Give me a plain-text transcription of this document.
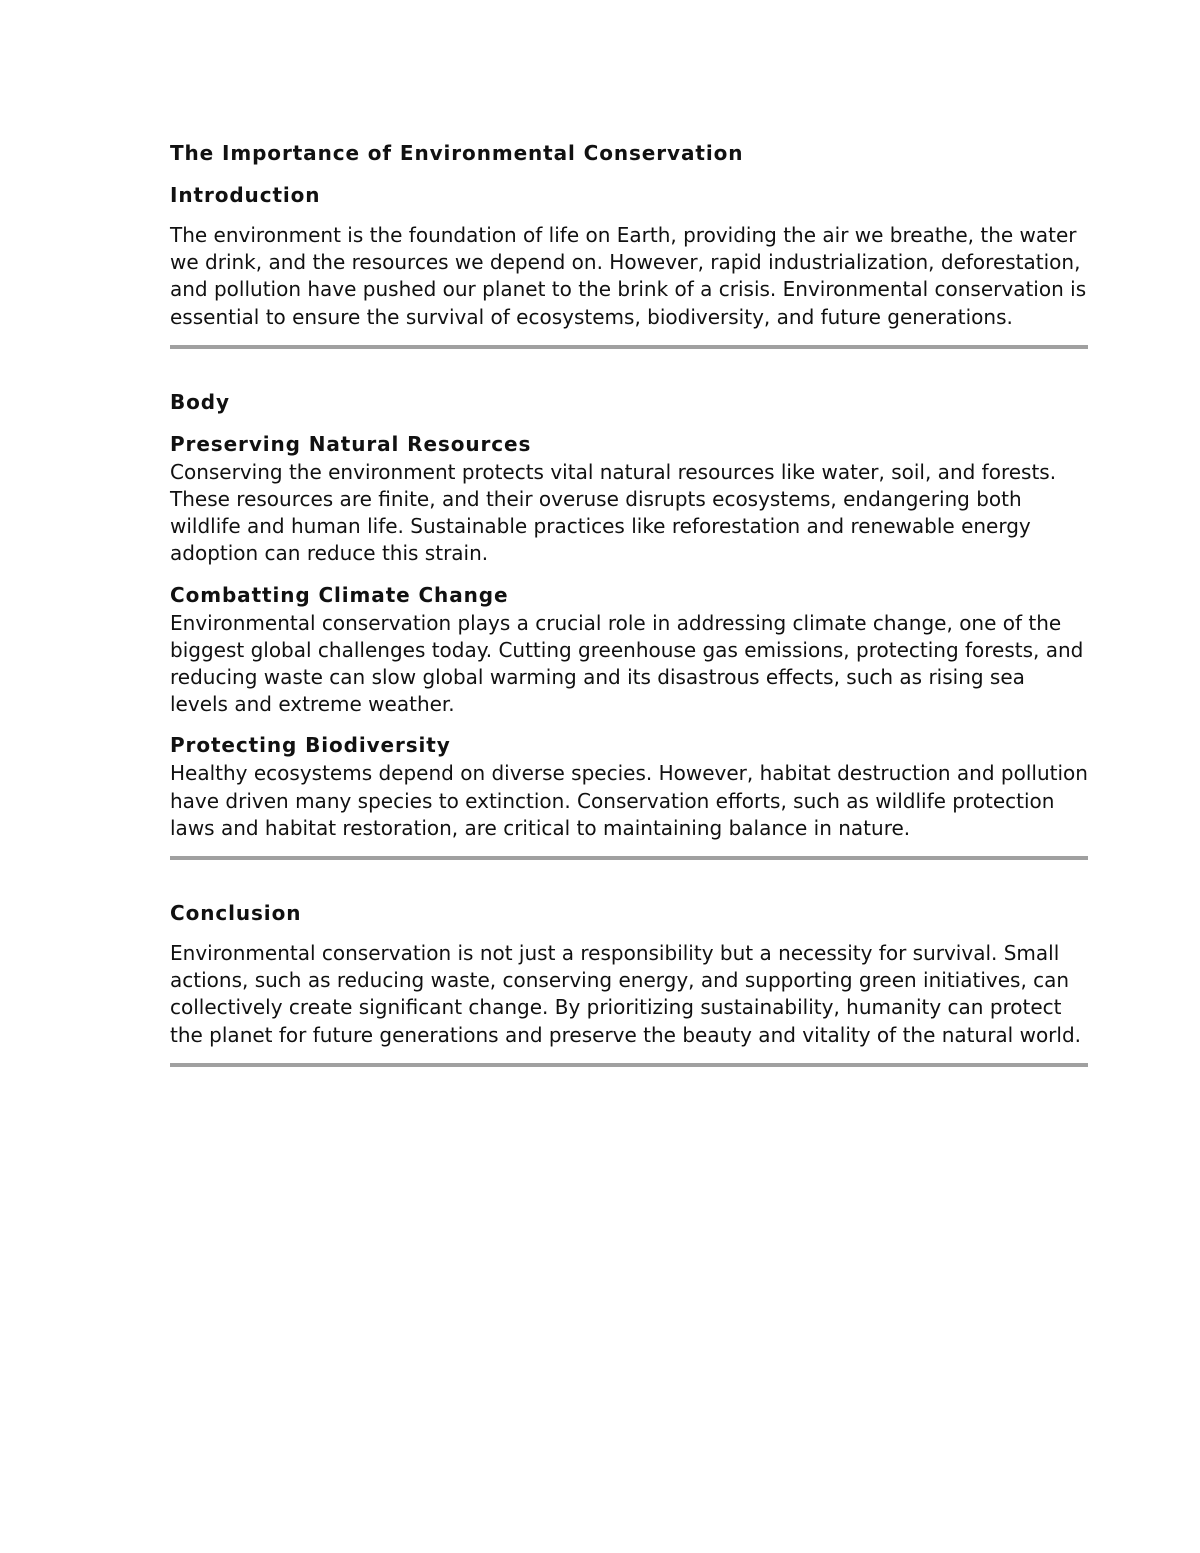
The Importance of Environmental Conservation
Introduction

The environment is the foundation of life on Earth, providing the air we breathe, the water we drink, and the resources we depend on. However, rapid industrialization, deforestation, and pollution have pushed our planet to the brink of a crisis. Environmental conservation is essential to ensure the survival of ecosystems, biodiversity, and future generations.

Body
Preserving Natural Resources

Conserving the environment protects vital natural resources like water, soil, and forests. These resources are finite, and their overuse disrupts ecosystems, endangering both wildlife and human life. Sustainable practices like reforestation and renewable energy adoption can reduce this strain.

Combatting Climate Change

Environmental conservation plays a crucial role in addressing climate change, one of the biggest global challenges today. Cutting greenhouse gas emissions, protecting forests, and reducing waste can slow global warming and its disastrous effects, such as rising sea levels and extreme weather.

Protecting Biodiversity

Healthy ecosystems depend on diverse species. However, habitat destruction and pollution have driven many species to extinction. Conservation efforts, such as wildlife protection laws and habitat restoration, are critical to maintaining balance in nature.

Conclusion

Environmental conservation is not just a responsibility but a necessity for survival. Small actions, such as reducing waste, conserving energy, and supporting green initiatives, can collectively create significant change. By prioritizing sustainability, humanity can protect the planet for future generations and preserve the beauty and vitality of the natural world.
